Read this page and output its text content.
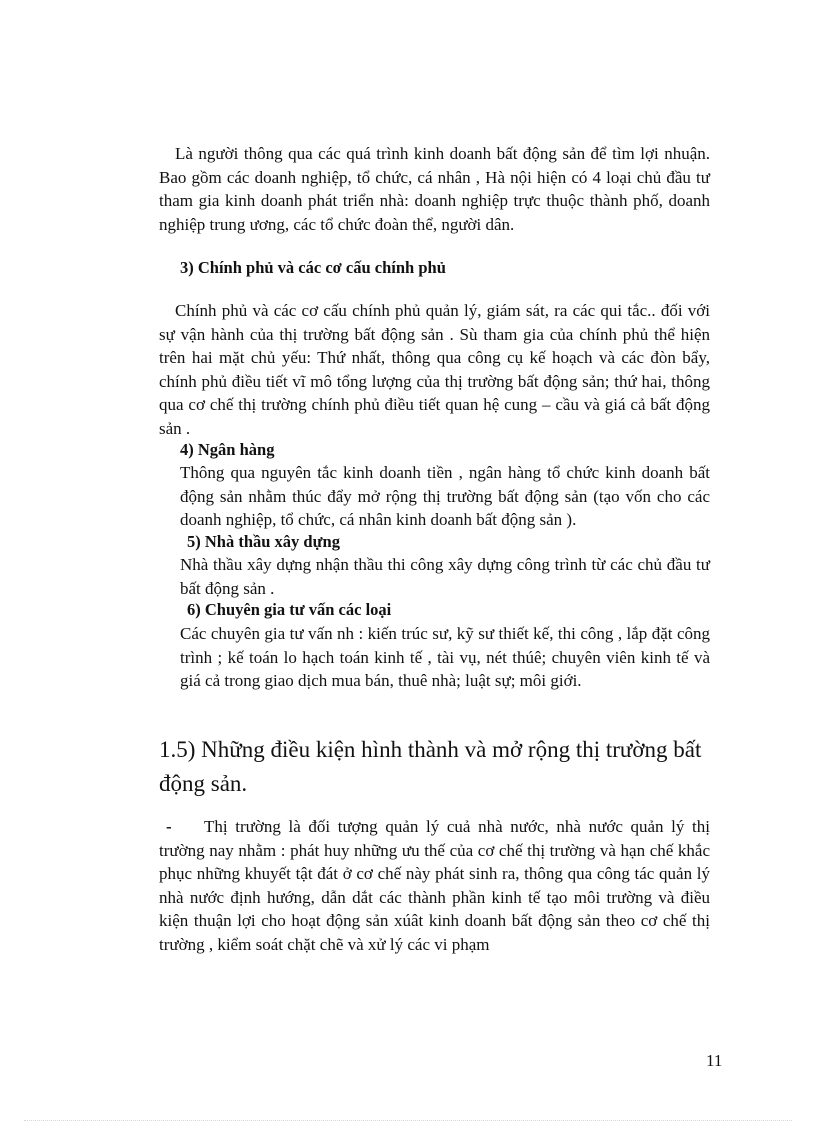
Là người thông qua các quá trình kinh doanh bất động sản để tìm lợi nhuận. Bao gồm các doanh nghiệp, tổ chức, cá nhân , Hà nội hiện có 4 loại chủ đầu tư tham gia kinh doanh phát triển nhà: doanh nghiệp trực thuộc thành phố, doanh nghiệp trung ương, các tổ chức đoàn thể, người dân.
3) Chính phủ và các cơ cấu chính phủ
Chính phủ và các cơ cấu chính phủ quản lý, giám sát, ra các qui tắc.. đối với sự vận hành của thị trường bất động sản . Sù tham gia của chính phủ thể hiện trên hai mặt chủ yếu: Thứ nhất, thông qua công cụ kế hoạch và các đòn bẩy, chính phủ điều tiết vĩ mô tổng lượng của thị trường bất động sản; thứ hai, thông qua cơ chế thị trường chính phủ điều tiết quan hệ cung – cầu và giá cả bất động sản .
4) Ngân hàng
Thông qua nguyên tắc kinh doanh tiền , ngân hàng tổ chức kinh doanh bất động sản nhằm thúc đẩy mở rộng thị trường bất động sản (tạo vốn cho các doanh nghiệp, tổ chức, cá nhân kinh doanh bất động sản ).
5) Nhà thầu xây dựng
Nhà thầu xây dựng nhận thầu thi công xây dựng công trình từ các chủ đầu tư bất động sản .
6) Chuyên gia tư vấn các loại
Các chuyên gia tư vấn nh : kiến trúc sư, kỹ sư thiết kế, thi công , lắp đặt công trình ; kế toán lo hạch toán kinh tế , tài vụ, nét thúê; chuyên viên kinh tế và giá cả trong giao dịch mua bán, thuê nhà; luật sự; môi giới.
1.5) Những điều kiện hình thành và mở rộng thị trường bất động sản.
-	Thị trường là đối tượng quản lý cuả nhà nước, nhà nước quản lý thị trường nay nhằm : phát huy những ưu thế của cơ chế thị trường và hạn chế khắc phục những khuyết tật đát ở cơ chế này phát sinh ra, thông qua công tác quản lý nhà nước định hướng, dẫn dắt các thành phần kinh tế tạo môi trường và điều kiện thuận lợi cho hoạt động sản xúât kinh doanh bất động sản theo cơ chế thị trường , kiểm soát chặt chẽ và xử lý các vi phạm
11
